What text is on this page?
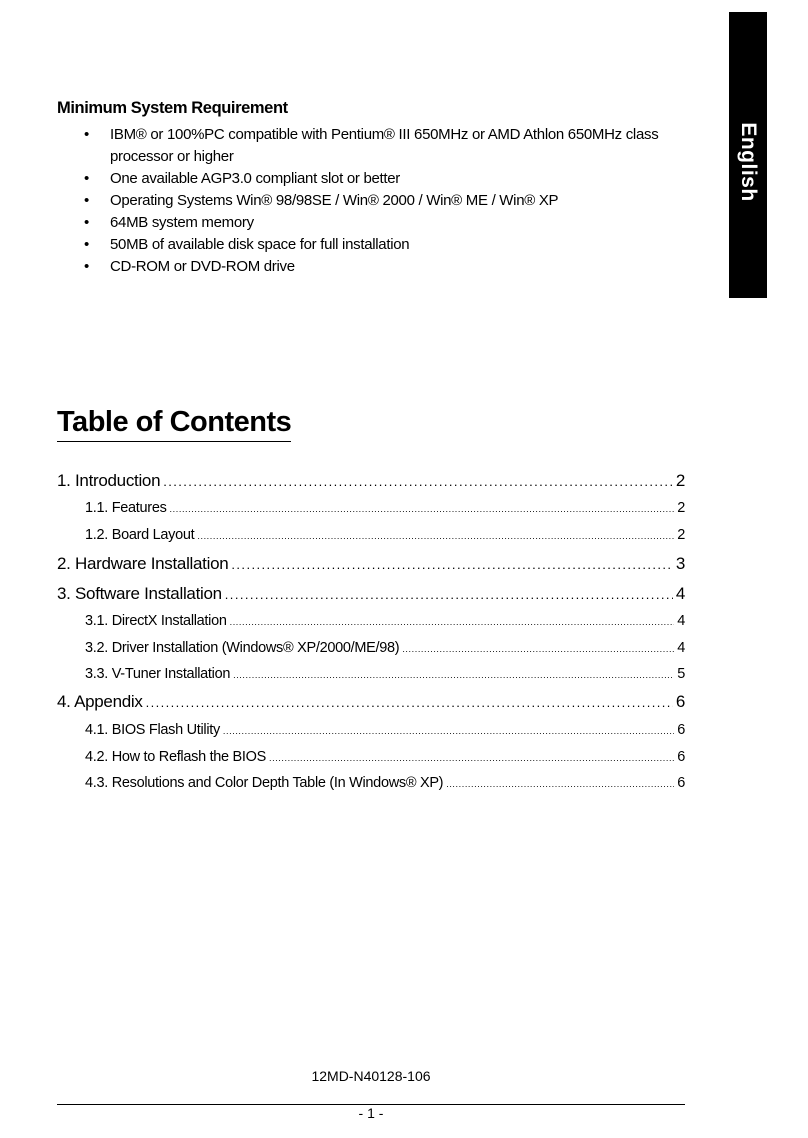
English
Minimum System Requirement
• IBM® or 100%PC compatible with Pentium® III 650MHz or AMD Athlon 650MHz class processor or higher
• One available AGP3.0 compliant slot or better
• Operating Systems Win® 98/98SE / Win® 2000 / Win® ME / Win® XP
• 64MB system memory
• 50MB of available disk space for full installation
• CD-ROM or DVD-ROM drive
Table of Contents
1. Introduction .....	2
1.1. Features .....	2
1.2. Board Layout .....	2
2. Hardware Installation .....	3
3. Software Installation .....	4
3.1. DirectX Installation .....	4
3.2. Driver Installation (Windows® XP/2000/ME/98) .....	4
3.3. V-Tuner Installation .....	5
4. Appendix .....	6
4.1. BIOS Flash Utility .....	6
4.2. How to Reflash the BIOS .....	6
4.3. Resolutions and Color Depth Table (In Windows® XP) .....	6
12MD-N40128-106
- 1 -
